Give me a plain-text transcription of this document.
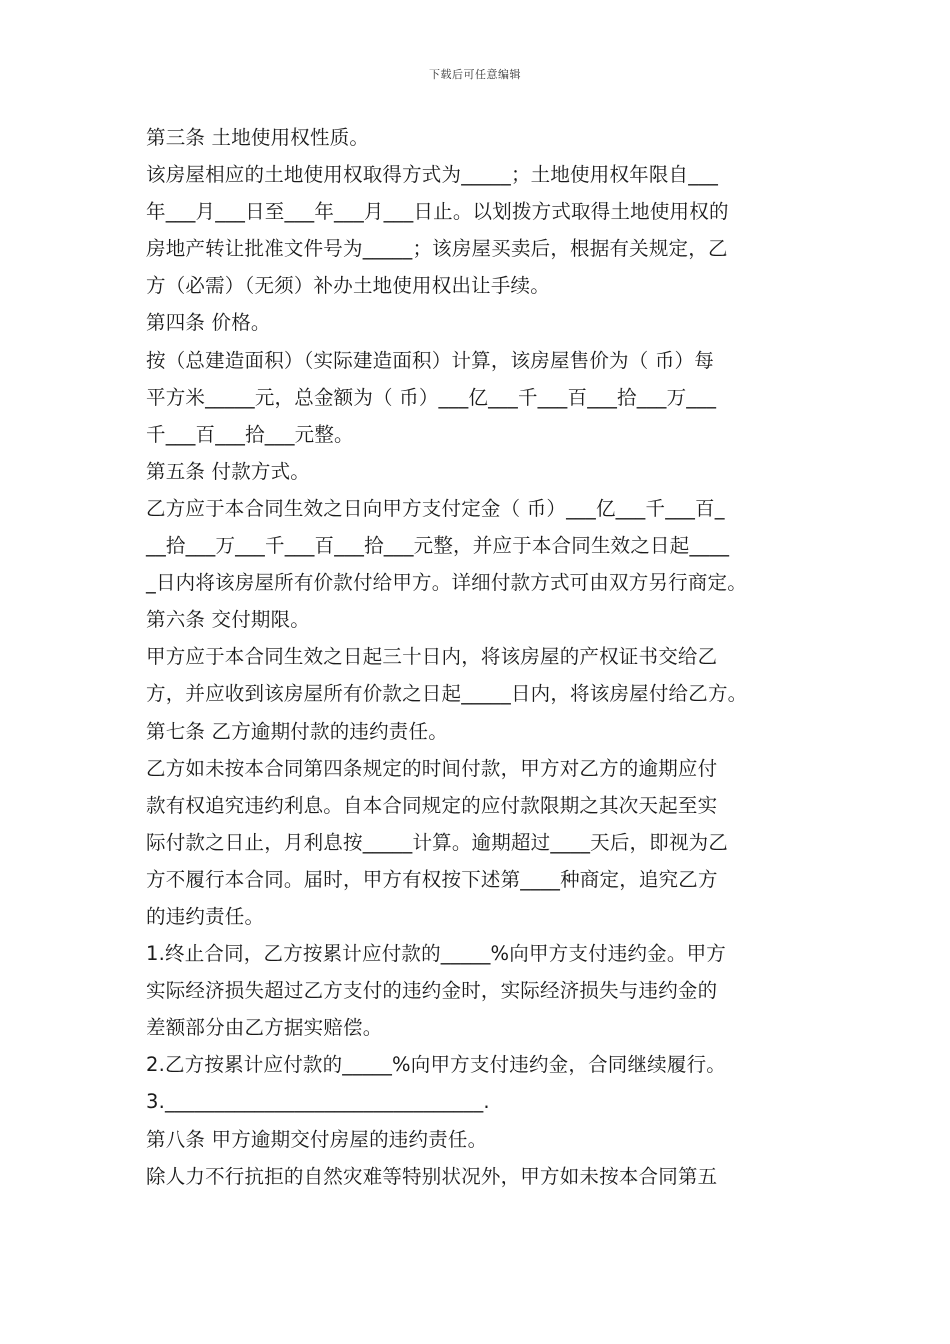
下载后可任意编辑
第三条 土地使用权性质。
该房屋相应的土地使用权取得方式为_____；土地使用权年限自___
年___月___日至___年___月___日止。以划拨方式取得土地使用权的
房地产转让批准文件号为_____；该房屋买卖后，根据有关规定，乙
方（必需）（无须）补办土地使用权出让手续。
第四条 价格。
按（总建造面积）（实际建造面积）计算，该房屋售价为（ 币）每
平方米_____元，总金额为（ 币）___亿___千___百___拾___万___
千___百___拾___元整。
第五条 付款方式。
乙方应于本合同生效之日向甲方支付定金（ 币）___亿___千___百_
__拾___万___千___百___拾___元整，并应于本合同生效之日起____
_日内将该房屋所有价款付给甲方。详细付款方式可由双方另行商定。
第六条 交付期限。
甲方应于本合同生效之日起三十日内，将该房屋的产权证书交给乙
方，并应收到该房屋所有价款之日起_____日内，将该房屋付给乙方。
第七条 乙方逾期付款的违约责任。
乙方如未按本合同第四条规定的时间付款，甲方对乙方的逾期应付
款有权追究违约利息。自本合同规定的应付款限期之其次天起至实
际付款之日止，月利息按_____计算。逾期超过____天后，即视为乙
方不履行本合同。届时，甲方有权按下述第____种商定，追究乙方
的违约责任。
1.终止合同，乙方按累计应付款的_____%向甲方支付违约金。甲方
实际经济损失超过乙方支付的违约金时，实际经济损失与违约金的
差额部分由乙方据实赔偿。
2.乙方按累计应付款的_____%向甲方支付违约金，合同继续履行。
3.________________________________.
第八条 甲方逾期交付房屋的违约责任。
除人力不行抗拒的自然灾难等特别状况外，甲方如未按本合同第五
